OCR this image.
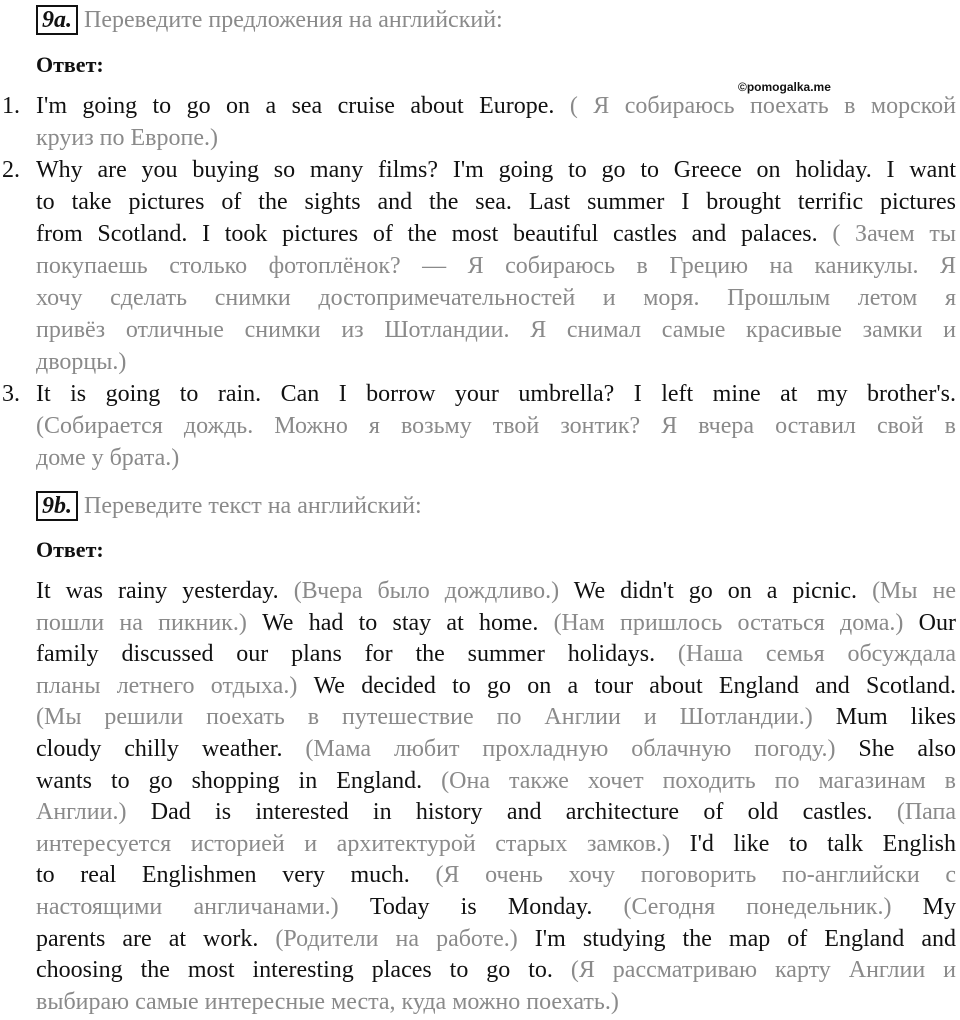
9a. Переведите предложения на английский:
Ответ:
©pomogalka.me
1. I'm going to go on a sea cruise about Europe. ( Я собираюсь поехать в морской
круиз по Европе.)
2. Why are you buying so many films? I'm going to go to Greece on holiday. I want
to take pictures of the sights and the sea. Last summer I brought terrific pictures
from Scotland. I took pictures of the most beautiful castles and palaces. ( Зачем ты
покупаешь столько фотоплёнок? — Я собираюсь в Грецию на каникулы. Я
хочу сделать снимки достопримечательностей и моря. Прошлым летом я
привёз отличные снимки из Шотландии. Я снимал самые красивые замки и
дворцы.)
3. It is going to rain. Can I borrow your umbrella? I left mine at my brother's.
(Собирается дождь. Можно я возьму твой зонтик? Я вчера оставил свой в
доме у брата.)
9b. Переведите текст на английский:
Ответ:
It was rainy yesterday. (Вчера было дождливо.) We didn't go on a picnic. (Мы не
пошли на пикник.) We had to stay at home. (Нам пришлось остаться дома.) Our
family discussed our plans for the summer holidays. (Наша семья обсуждала
планы летнего отдыха.) We decided to go on a tour about England and Scotland.
(Мы решили поехать в путешествие по Англии и Шотландии.) Mum likes
cloudy chilly weather. (Мама любит прохладную облачную погоду.) She also
wants to go shopping in England. (Она также хочет походить по магазинам в
Англии.) Dad is interested in history and architecture of old castles. (Папа
интересуется историей и архитектурой старых замков.) I'd like to talk English
to real Englishmen very much. (Я очень хочу поговорить по-английски с
настоящими англичанами.) Today is Monday. (Сегодня понедельник.) My
parents are at work. (Родители на работе.) I'm studying the map of England and
choosing the most interesting places to go to. (Я рассматриваю карту Англии и
выбираю самые интересные места, куда можно поехать.)
